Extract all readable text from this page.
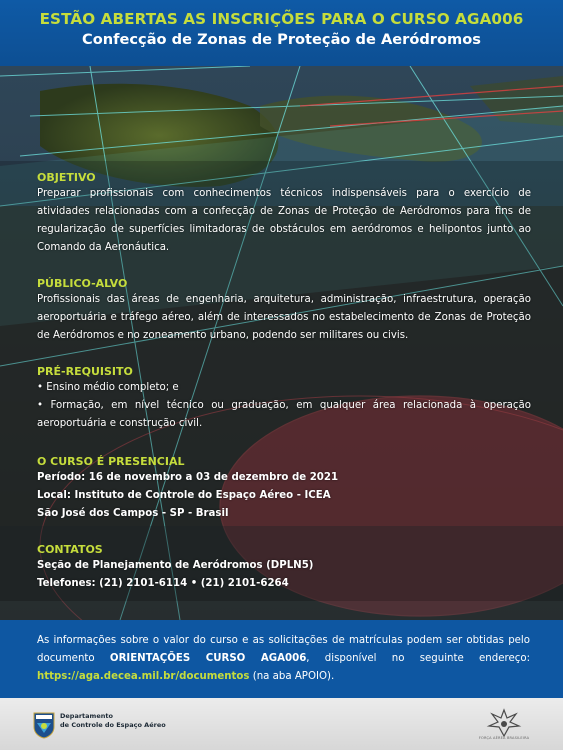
ESTÃO ABERTAS AS INSCRIÇÕES PARA O CURSO AGA006
Confecção de Zonas de Proteção de Aeródromos
OBJETIVO
Preparar profissionais com conhecimentos técnicos indispensáveis para o exercício de atividades relacionadas com a confecção de Zonas de Proteção de Aeródromos para fins de regularização de superfícies limitadoras de obstáculos em aeródromos e helipontos junto ao Comando da Aeronáutica.
PÚBLICO-ALVO
Profissionais das áreas de engenharia, arquitetura, administração, infraestrutura, operação aeroportuária e tráfego aéreo, além de interessados no estabelecimento de Zonas de Proteção de Aeródromos e no zoneamento urbano, podendo ser militares ou civis.
PRÉ-REQUISITO
• Ensino médio completo; e
• Formação, em nível técnico ou graduação, em qualquer área relacionada à operação aeroportuária e construção civil.
O CURSO É PRESENCIAL
Período: 16 de novembro a 03 de dezembro de 2021
Local: Instituto de Controle do Espaço Aéreo - ICEA
São José dos Campos - SP - Brasil
CONTATOS
Seção de Planejamento de Aeródromos (DPLN5)
Telefones: (21) 2101-6114 • (21) 2101-6264

As informações sobre o valor do curso e as solicitações de matrículas podem ser obtidas pelo documento ORIENTAÇÕES CURSO AGA006, disponível no seguinte endereço: https://aga.decea.mil.br/documentos (na aba APOIO).

Departamento
de Controle do Espaço Aéreo
FORÇA AÉREA BRASILEIRA
